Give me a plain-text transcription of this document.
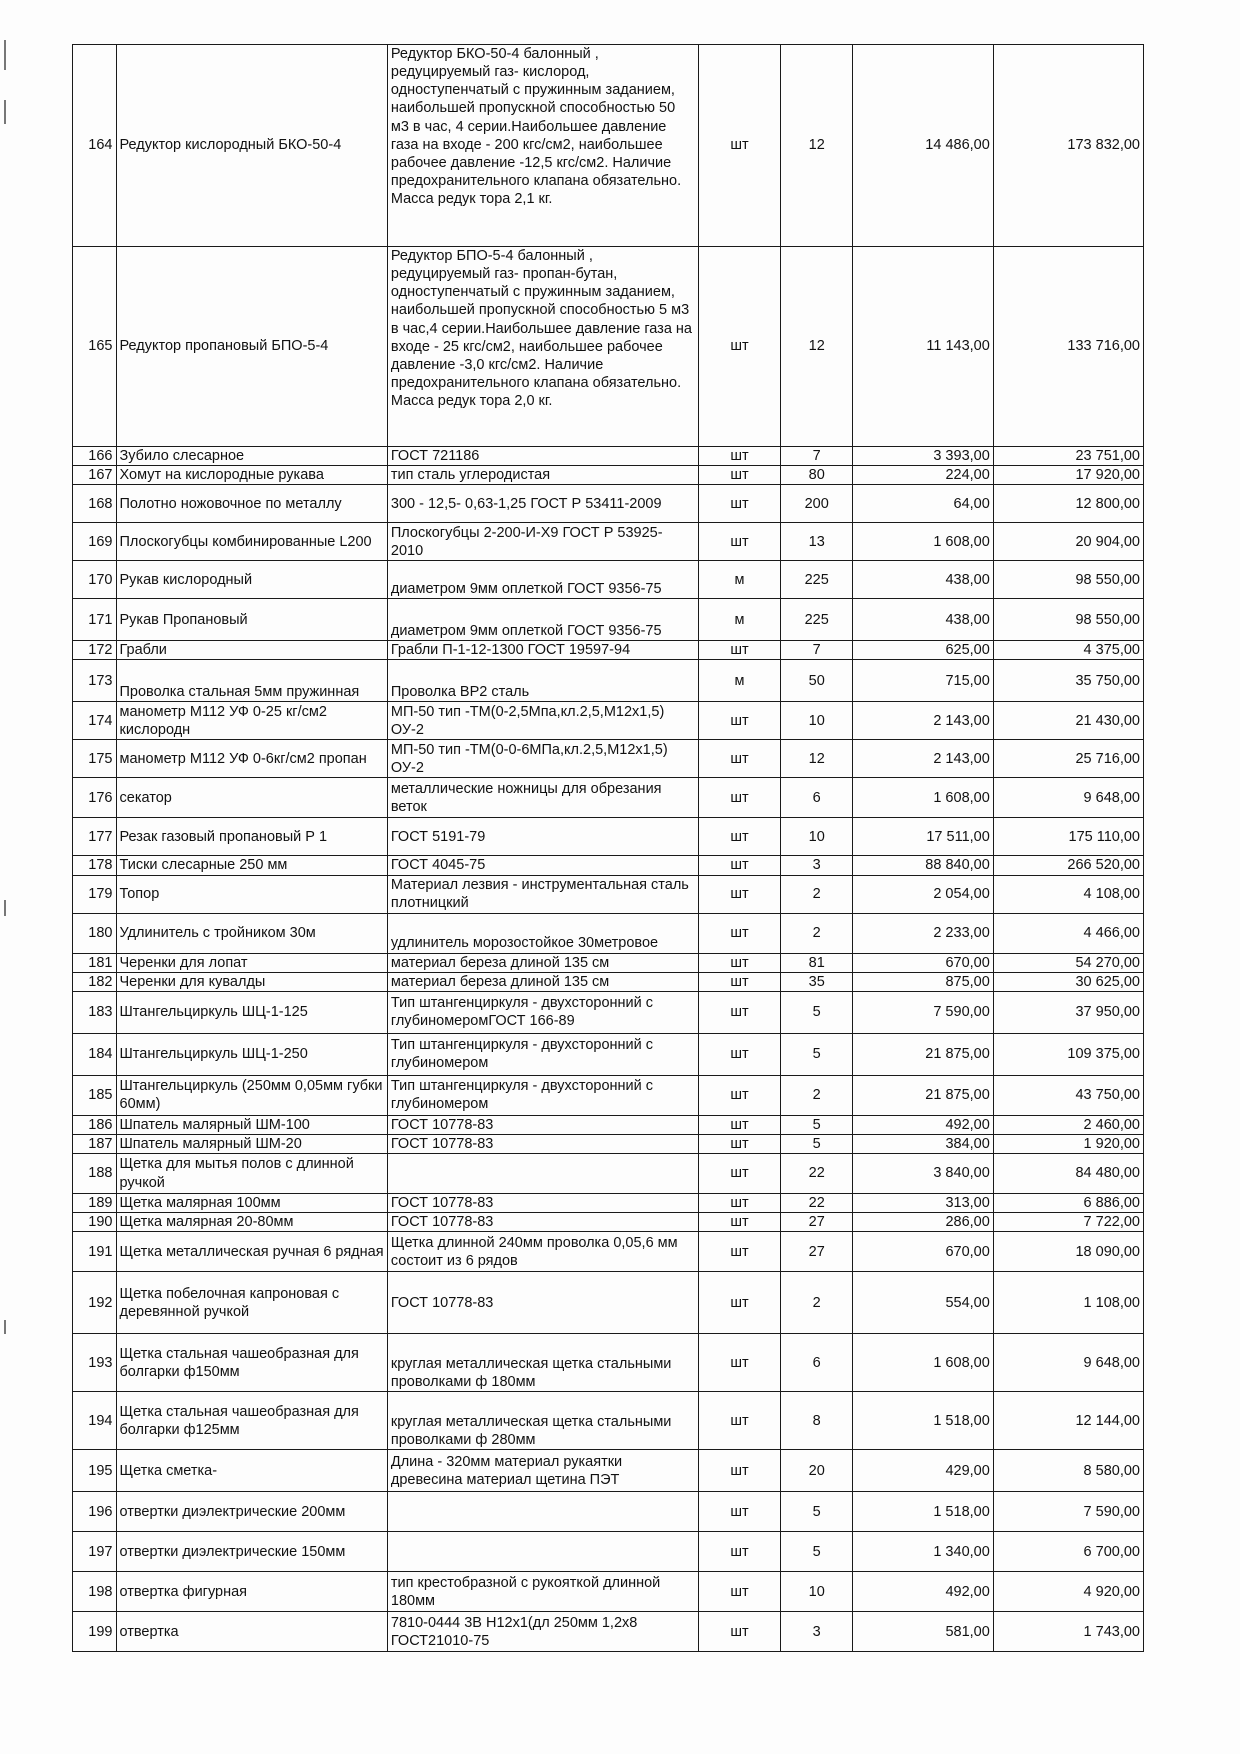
164	Редуктор кислородный БКО-50-4	Редуктор БКО-50-4 балонный , редуцируемый газ- кислород, одноступенчатый с пружинным заданием, наибольшей пропускной способностью 50 м3 в час, 4 серии.Наибольшее давление газа на входе - 200 кгс/см2, наибольшее рабочее давление -12,5 кгс/см2. Наличие предохранительного клапана обязательно. Масса редук тора 2,1 кг.	шт	12	14 486,00	173 832,00
165	Редуктор пропановый БПО-5-4	Редуктор БПО-5-4 балонный , редуцируемый газ- пропан-бутан, одноступенчатый с пружинным заданием, наибольшей пропускной способностью 5 м3 в час,4 серии.Наибольшее давление газа на входе - 25 кгс/см2, наибольшее рабочее давление -3,0 кгс/см2. Наличие предохранительного клапана обязательно. Масса редук тора 2,0 кг.	шт	12	11 143,00	133 716,00
166	Зубило слесарное	ГОСТ 721186	шт	7	3 393,00	23 751,00
167	Хомут на кислородные рукава	тип сталь углеродистая	шт	80	224,00	17 920,00
168	Полотно ножовочное по металлу	300 - 12,5- 0,63-1,25 ГОСТ Р 53411-2009	шт	200	64,00	12 800,00
169	Плоскогубцы комбинированные L200	Плоскогубцы 2-200-И-Х9 ГОСТ Р 53925-2010	шт	13	1 608,00	20 904,00
170	Рукав кислородный	диаметром 9мм оплеткой ГОСТ 9356-75	м	225	438,00	98 550,00
171	Рукав Пропановый	диаметром 9мм оплеткой ГОСТ 9356-75	м	225	438,00	98 550,00
172	Грабли	Грабли П-1-12-1300 ГОСТ 19597-94	шт	7	625,00	4 375,00
173	Проволка стальная 5мм пружинная	Проволка ВР2 сталь	м	50	715,00	35 750,00
174	манометр М112 УФ 0-25 кг/см2 кислородн	МП-50 тип -ТМ(0-2,5Мпа,кл.2,5,М12х1,5) ОУ-2	шт	10	2 143,00	21 430,00
175	манометр М112 УФ 0-6кг/см2 пропан	МП-50 тип -ТМ(0-0-6МПа,кл.2,5,М12х1,5) ОУ-2	шт	12	2 143,00	25 716,00
176	секатор	металлические ножницы для обрезания веток	шт	6	1 608,00	9 648,00
177	Резак газовый пропановый Р 1	ГОСТ 5191-79	шт	10	17 511,00	175 110,00
178	Тиски слесарные 250 мм	ГОСТ 4045-75	шт	3	88 840,00	266 520,00
179	Топор	Материал лезвия - инструментальная сталь плотницкий	шт	2	2 054,00	4 108,00
180	Удлинитель с тройником 30м	удлинитель морозостойкое 30метровое	шт	2	2 233,00	4 466,00
181	Черенки для лопат	материал береза длиной 135 см	шт	81	670,00	54 270,00
182	Черенки для кувалды	материал береза длиной 135 см	шт	35	875,00	30 625,00
183	Штангельциркуль ШЦ-1-125	Тип штангенциркуля - двухсторонний с глубиномеромГОСТ 166-89	шт	5	7 590,00	37 950,00
184	Штангельциркуль ШЦ-1-250	Тип штангенциркуля - двухсторонний с глубиномером	шт	5	21 875,00	109 375,00
185	Штангельциркуль (250мм 0,05мм губки 60мм)	Тип штангенциркуля - двухсторонний с глубиномером	шт	2	21 875,00	43 750,00
186	Шпатель малярный ШМ-100	ГОСТ 10778-83	шт	5	492,00	2 460,00
187	Шпатель малярный ШМ-20	ГОСТ 10778-83	шт	5	384,00	1 920,00
188	Щетка для мытья полов с длинной ручкой		шт	22	3 840,00	84 480,00
189	Щетка малярная 100мм	ГОСТ 10778-83	шт	22	313,00	6 886,00
190	Щетка малярная 20-80мм	ГОСТ 10778-83	шт	27	286,00	7 722,00
191	Щетка металлическая ручная 6 рядная	Щетка длинной 240мм проволка 0,05,6 мм состоит из 6 рядов	шт	27	670,00	18 090,00
192	Щетка побелочная капроновая с деревянной ручкой	ГОСТ 10778-83	шт	2	554,00	1 108,00
193	Щетка стальная чашеобразная для болгарки ф150мм	круглая металлическая щетка стальными проволками ф 180мм	шт	6	1 608,00	9 648,00
194	Щетка стальная чашеобразная для болгарки ф125мм	круглая металлическая щетка стальными проволками ф 280мм	шт	8	1 518,00	12 144,00
195	Щетка сметка-	Длина - 320мм материал рукаятки древесина материал щетина ПЭТ	шт	20	429,00	8 580,00
196	отвертки диэлектрические 200мм		шт	5	1 518,00	7 590,00
197	отвертки диэлектрические 150мм		шт	5	1 340,00	6 700,00
198	отвертка фигурная	тип крестобразной с рукояткой длинной 180мм	шт	10	492,00	4 920,00
199	отвертка	7810-0444 3В Н12х1(дл 250мм 1,2х8 ГОСТ21010-75	шт	3	581,00	1 743,00
